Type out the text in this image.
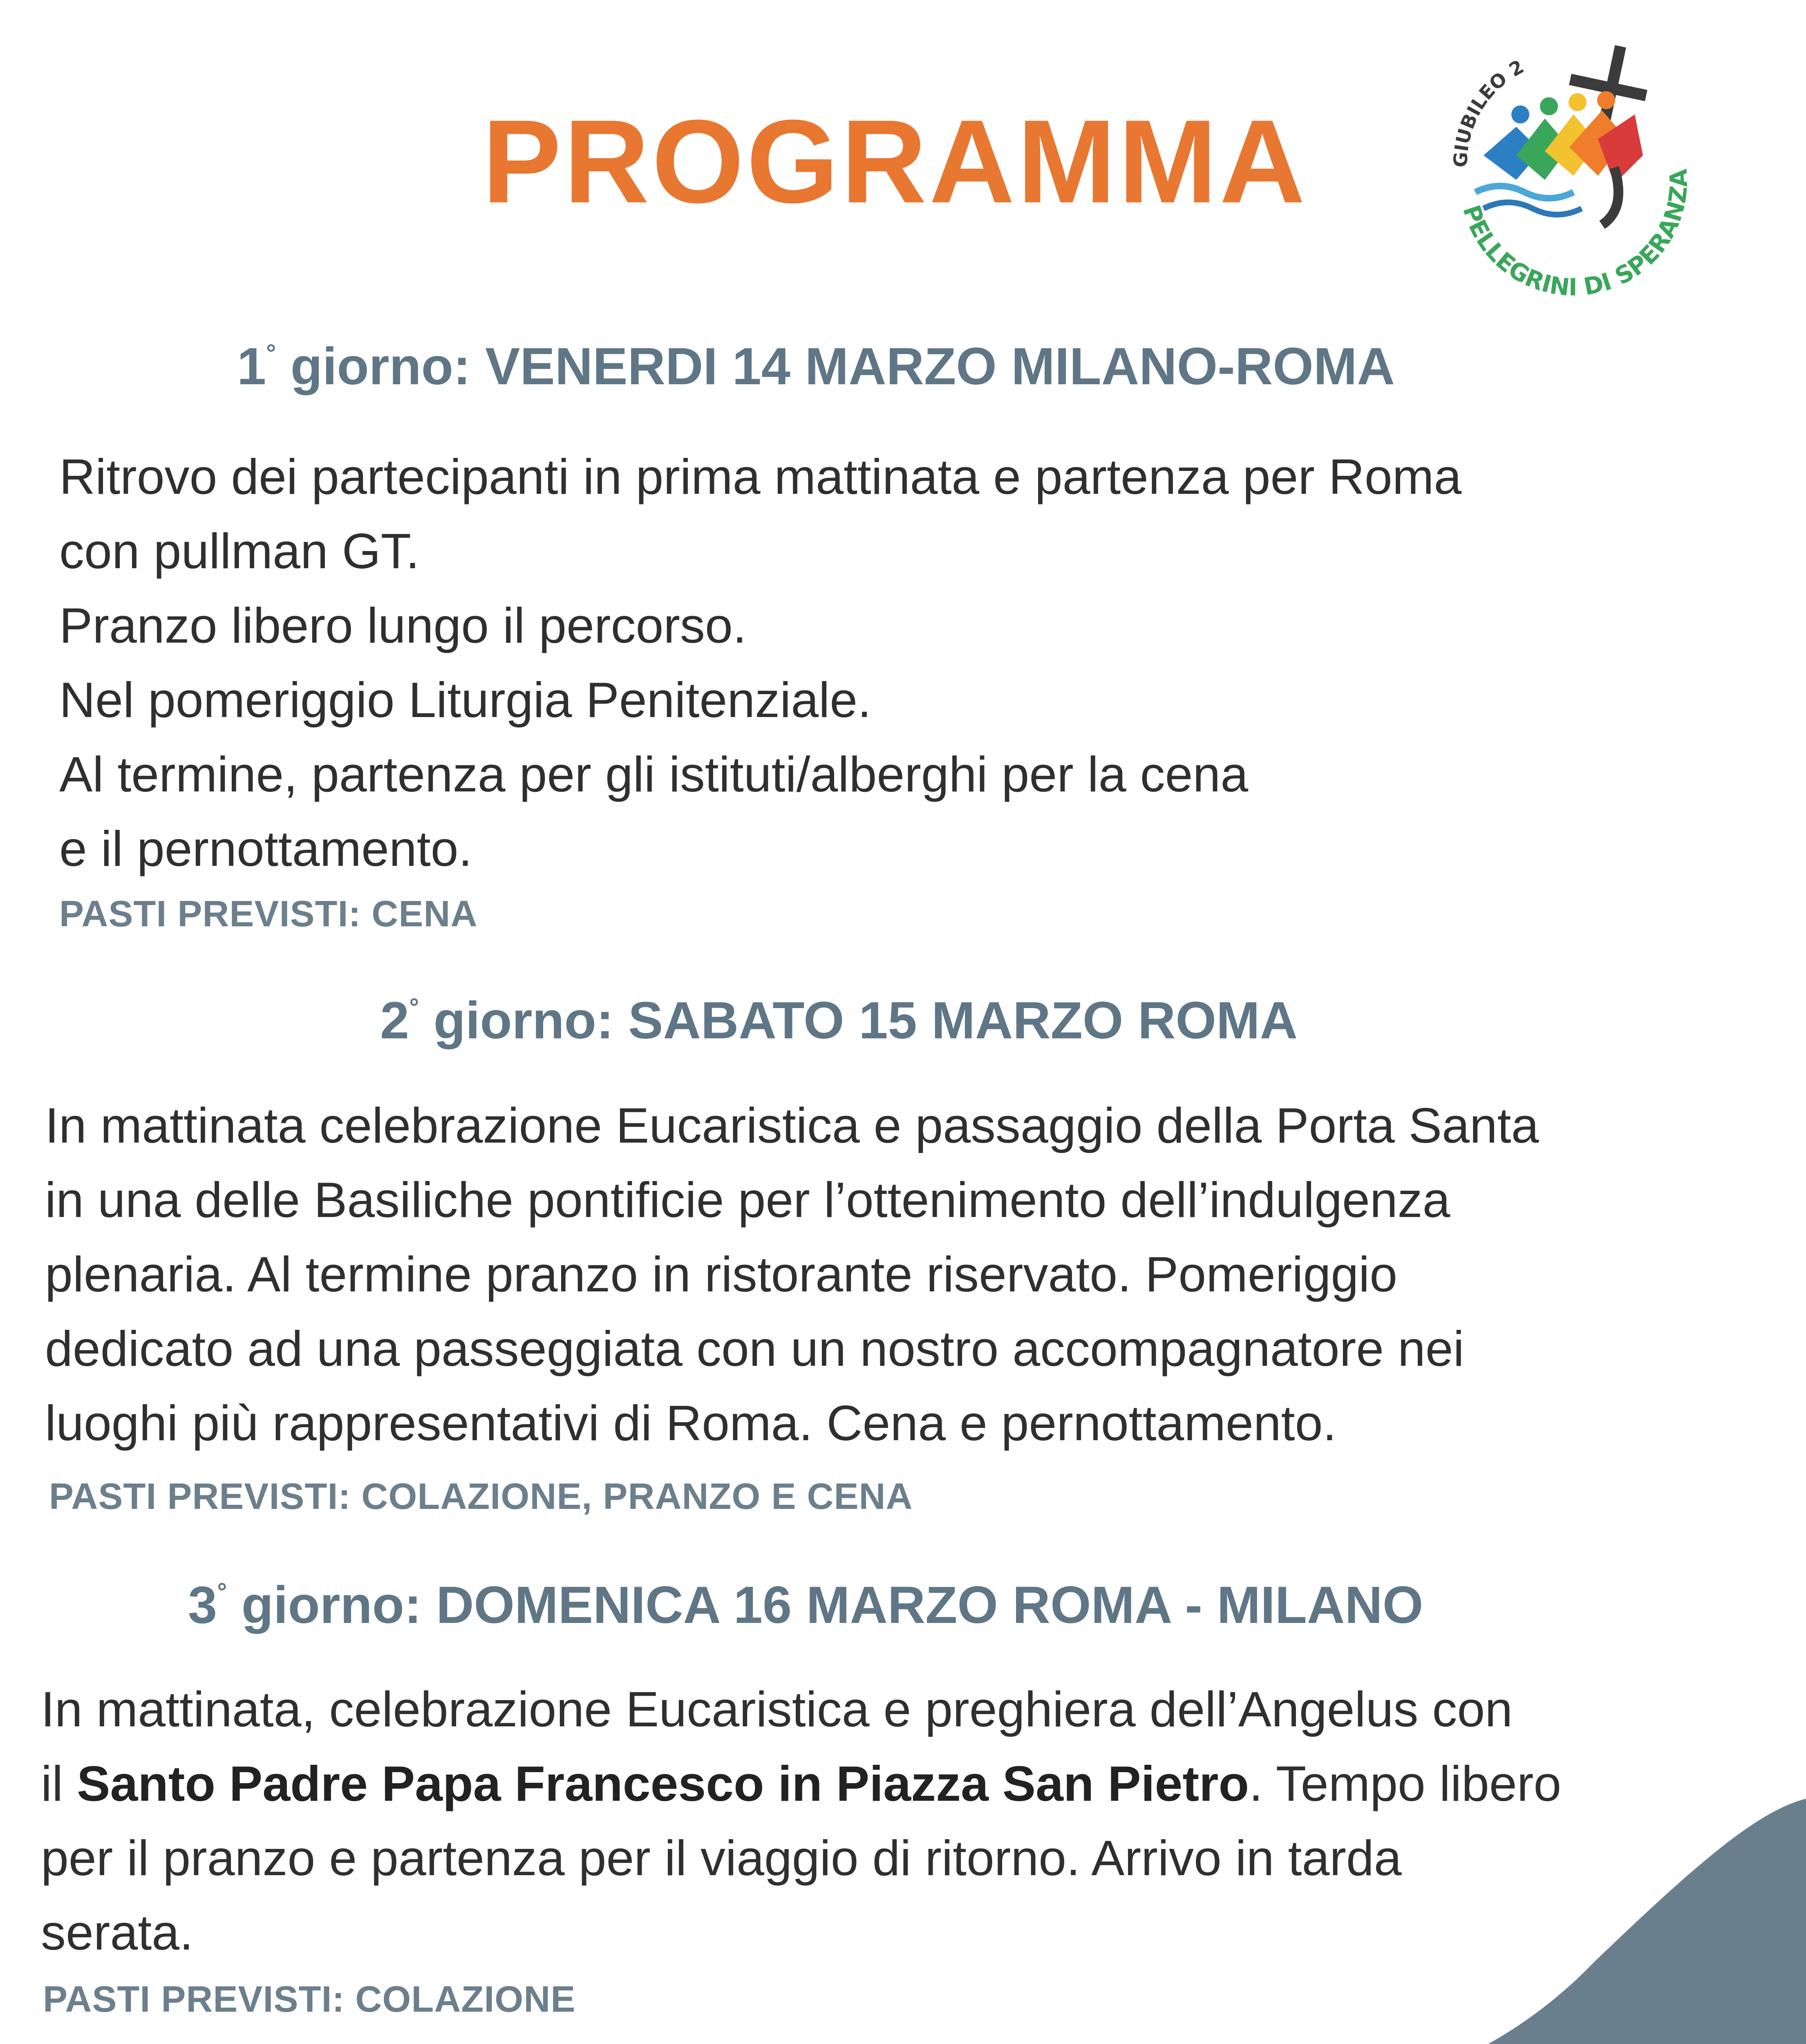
PROGRAMMA	GIUBILEO 2
PELLEGRINI DI SPERANZA
1° giorno: VENERDI 14 MARZO MILANO-ROMA
Ritrovo dei partecipanti in prima mattinata e partenza per Roma
con pullman GT.
Pranzo libero lungo il percorso.
Nel pomeriggio Liturgia Penitenziale.
Al termine, partenza per gli istituti/alberghi per la cena
e il pernottamento.
PASTI PREVISTI: CENA
2° giorno: SABATO 15 MARZO ROMA
In mattinata celebrazione Eucaristica e passaggio della Porta Santa
in una delle Basiliche pontificie per l’ottenimento dell’indulgenza
plenaria. Al termine pranzo in ristorante riservato. Pomeriggio
dedicato ad una passeggiata con un nostro accompagnatore nei
luoghi più rappresentativi di Roma. Cena e pernottamento.
PASTI PREVISTI: COLAZIONE, PRANZO E CENA
3° giorno: DOMENICA 16 MARZO ROMA - MILANO
In mattinata, celebrazione Eucaristica e preghiera dell’Angelus con
il Santo Padre Papa Francesco in Piazza San Pietro. Tempo libero
per il pranzo e partenza per il viaggio di ritorno. Arrivo in tarda
serata.
PASTI PREVISTI: COLAZIONE
